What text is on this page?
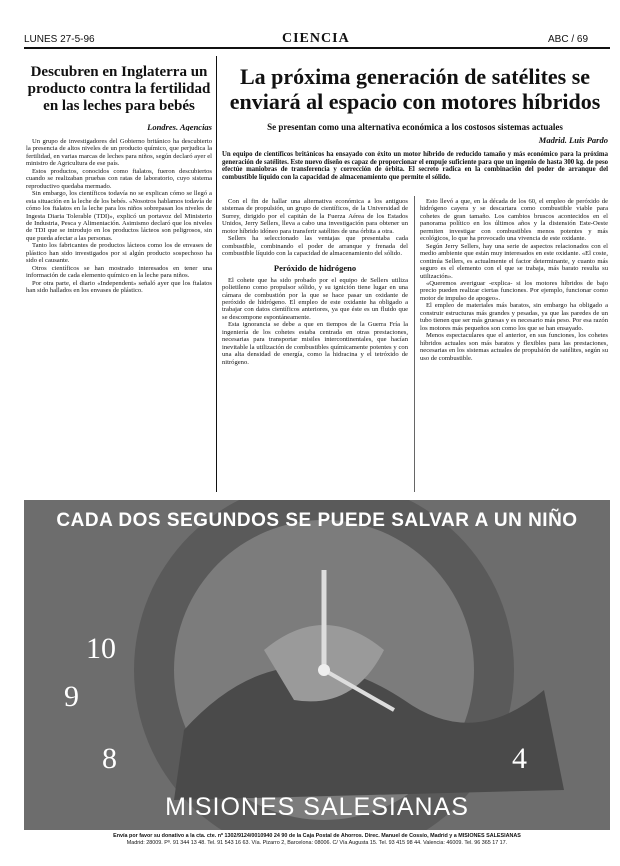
LUNES 27-5-96	CIENCIA	ABC / 69
Descubren en Inglaterra un producto contra la fertilidad en las leches para bebés
Londres. Agencias

Un grupo de investigadores del Gobierno británico ha descubierto la presencia de altos niveles de un producto químico, que perjudica la fertilidad, en varias marcas de leches para niños, según declaró ayer el ministro de Agricultura de ese país.

Estos productos, conocidos como ftalatos, fueron descubiertos cuando se realizaban pruebas con ratas de laboratorio, cuyo sistema reproductivo quedaba mermado.

Sin embargo, los científicos todavía no se explican cómo se llegó a esta situación en la leche de los bebés. «Nosotros hablamos todavía de cómo los ftalatos en la leche para los niños sobrepasan los niveles de Ingesta Diaria Tolerable (TDI)», explicó un portavoz del Ministerio de Industria, Pesca y Alimentación. Asimismo declaró que los niveles de TDI que se introdujo en los productos lácteos son peligrosos, sin que pueda afectar a las personas.

Tanto los fabricantes de productos lácteos como los de envases de plástico han sido investigados por si algún producto sospechoso ha sido el causante.

Otros científicos se han mostrado interesados en tener una información de cada elemento químico en la leche para niños.

Por otra parte, el diario «Independent» señaló ayer que los ftalatos han sido hallados en los envases de plástico.

La próxima generación de satélites se enviará al espacio con motores híbridos
Se presentan como una alternativa económica a los costosos sistemas actuales
Madrid. Luis Pardo
Un equipo de científicos británicos ha ensayado con éxito un motor híbrido de reducido tamaño y más económico para la próxima generación de satélites. Este nuevo diseño es capaz de proporcionar el empuje suficiente para que un ingenio de hasta 300 kg. de peso efectúe maniobras de transferencia y corrección de órbita. El secreto radica en la combinación del poder de arranque del combustible líquido con la capacidad de almacenamiento que permite el sólido.

Con el fin de hallar una alternativa económica a los antiguos sistemas de propulsión, un grupo de científicos, de la Universidad de Surrey, dirigido por el capitán de la Fuerza Aérea de los Estados Unidos, Jerry Sellers, lleva a cabo una investigación para obtener un motor híbrido idóneo para transferir satélites de una órbita a otra.

Sellers ha seleccionado las ventajas que presentaba cada combustible, combinando el poder de arranque y frenada del combustible líquido con la capacidad de almacenamiento del sólido.

Peróxido de hidrógeno

El cohete que ha sido probado por el equipo de Sellers utiliza polietileno como propulsor sólido, y su ignición tiene lugar en una cámara de combustión por la que se hace pasar un oxidante de peróxido de hidrógeno. El empleo de este oxidante ha obligado a trabajar con datos científicos anteriores, ya que éste es un fluido que se descompone espontáneamente.

Esta ignorancia se debe a que en tiempos de la Guerra Fría la ingeniería de los cohetes estaba centrada en otras prestaciones, necesarias para transportar misiles intercontinentales, que hacían inevitable la utilización de combustibles químicamente potentes y con una alta densidad de energía, como la hidracina y el tetróxido de nitrógeno.

Esto llevó a que, en la década de los 60, el empleo de peróxido de hidrógeno cayera y se descartara como combustible viable para cohetes de gran tamaño. Los cambios bruscos acontecidos en el panorama político en los últimos años y la distensión Este-Oeste permiten investigar con combustibles menos potentes y más ecológicos, lo que ha provocado una vivencia de este oxidante.

Según Jerry Sellers, hay una serie de aspectos relacionados con el medio ambiente que están muy interesados en este oxidante. «El coste, continúa Sellers, es actualmente el factor determinante, y cuanto más seguro es el elemento con el que se trabaja, más barato resulta su utilización».

«Queremos averiguar -explica- si los motores híbridos de bajo precio pueden realizar ciertas funciones. Por ejemplo, funcionar como motor de impulso de apogeo».

El empleo de materiales más baratos, sin embargo ha obligado a construir estructuras más grandes y pesadas, ya que las paredes de un tubo tienen que ser más gruesas y es necesario más peso. Por esa razón los motores más pequeños son como los que se han ensayado.

Menos espectaculares que el anterior, en sus funciones, los cohetes híbridos actuales son más baratos y flexibles para las prestaciones, necesarias en los sistemas actuales de propulsión de satélites, según su uso de combustible.

CADA DOS SEGUNDOS SE PUEDE SALVAR A UN NIÑO
10
9
8	4
MISIONES SALESIANAS
Envía por favor su donativo a la cta. cte. nº 1302/9124/0010940 24 90 de la Caja Postal de Ahorros. Direc. Manuel de Cossío, Madrid y a MISIONES SALESIANAS
Madrid: 28009. Pº. 91 344 13 48. Tel. 91 543 16 63. Vía. Pizarro 2, Barcelona: 08006. C/ Vía Augusta 15. Tel. 93 415 98 44. Valencia: 46009. Tel. 96 365 17 17.
